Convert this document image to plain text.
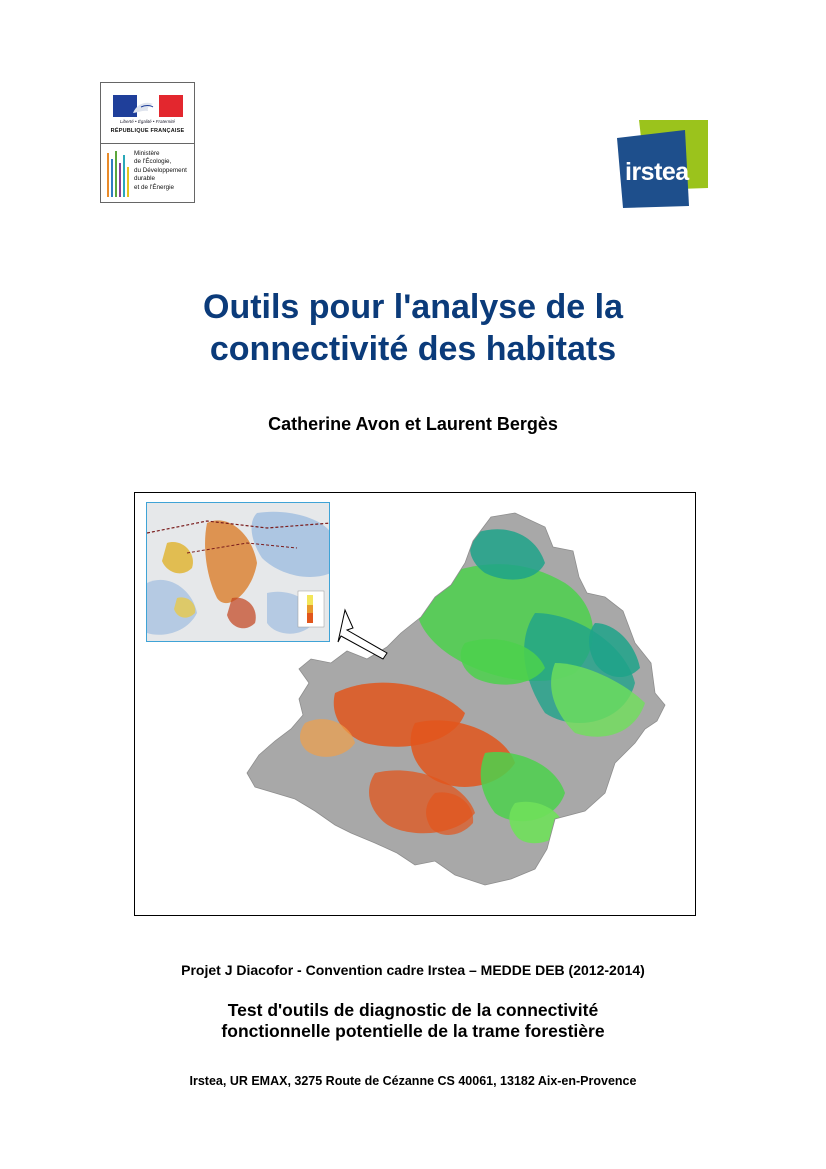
Liberté • Égalité • Fraternité
RÉPUBLIQUE FRANÇAISE
Ministère
de l'Écologie,
du Développement
durable
et de l'Énergie
irstea
Outils pour l'analyse de la
connectivité des habitats
Catherine Avon et Laurent Bergès
Projet J Diacofor - Convention cadre Irstea – MEDDE DEB (2012-2014)
Test d'outils de diagnostic de la connectivité
fonctionnelle potentielle de la trame forestière
Irstea, UR EMAX, 3275 Route de Cézanne CS 40061, 13182 Aix-en-Provence
